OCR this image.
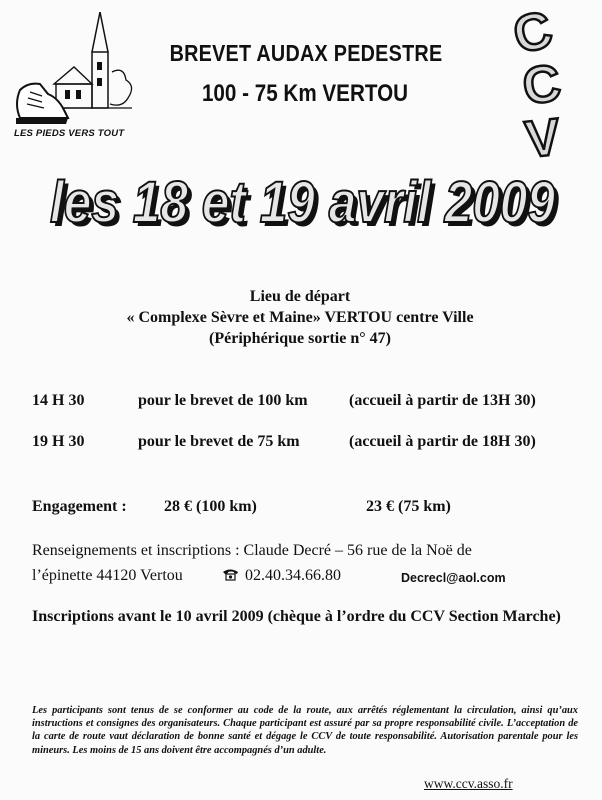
LES PIEDS VERS TOUT
BREVET AUDAX PEDESTRE
100 - 75 Km VERTOU
C
C
V
les 18 et 19 avril 2009
les 18 et 19 avril 2009
Lieu de départ
« Complexe Sèvre et Maine» VERTOU centre Ville
(Périphérique sortie n° 47)
14 H 30	pour le brevet de 100 km	(accueil à partir de 13H 30)
19 H 30	pour le brevet de 75 km	(accueil à partir de 18H 30)
Engagement : 28 € (100 km)	23 € (75 km)
Renseignements et inscriptions : Claude Decré – 56 rue de la Noë de
l’épinette 44120 Vertou	02.40.34.66.80	Decrecl@aol.com
Inscriptions avant le 10 avril 2009 (chèque à l’ordre du CCV Section Marche)
Les participants sont tenus de se conformer au code de la route, aux arrêtés réglementant la circulation, ainsi qu’aux instructions et consignes des organisateurs. Chaque participant est assuré par sa propre responsabilité civile. L’acceptation de la carte de route vaut déclaration de bonne santé et dégage le CCV de toute responsabilité. Autorisation parentale pour les mineurs. Les moins de 15 ans doivent être accompagnés d’un adulte.
www.ccv.asso.fr
